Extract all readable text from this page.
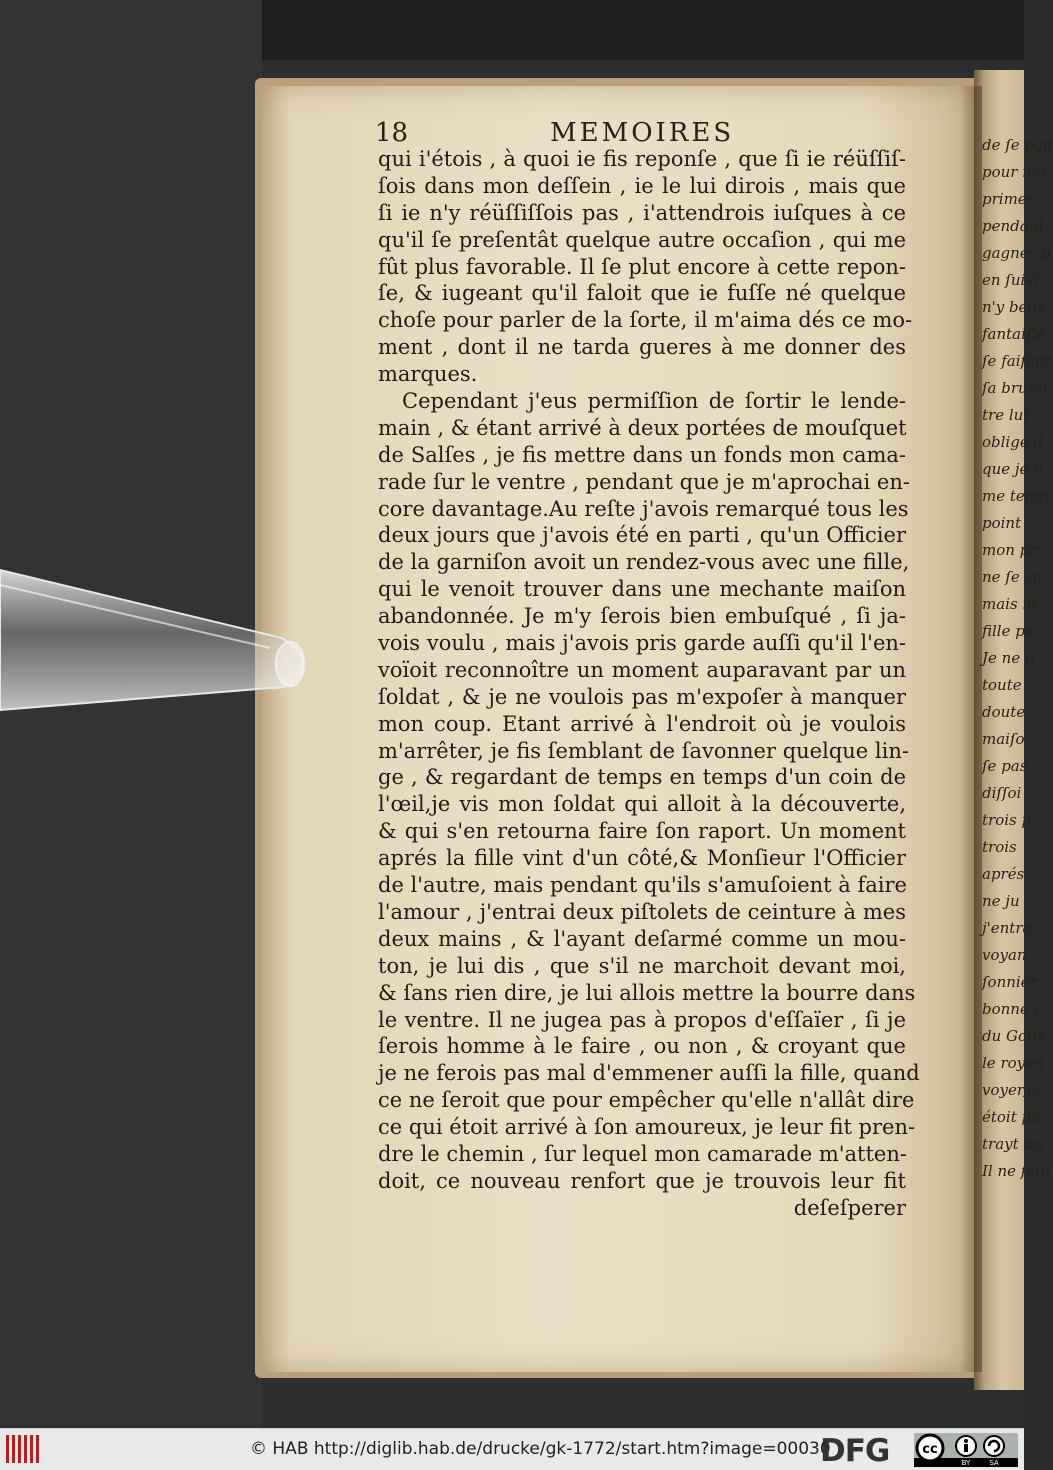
18	MEMOIRES
qui i'étois , à quoi ie fis reponſe , que ſi ie réüſſiſ-
ſois dans mon deſſein , ie le lui dirois , mais que
ſi ie n'y réüſſiſſois pas , i'attendrois iuſques à ce
qu'il ſe preſentât quelque autre occaſion , qui me
fût plus favorable. Il ſe plut encore à cette repon-
ſe, & iugeant qu'il faloit que ie fuſſe né quelque
choſe pour parler de la ſorte, il m'aima dés ce mo-
ment , dont il ne tarda gueres à me donner des
marques.
Cependant j'eus permiſſion de ſortir le lende-
main , & étant arrivé à deux portées de mouſquet
de Salſes , je fis mettre dans un fonds mon cama-
rade ſur le ventre , pendant que je m'aprochai en-
core davantage.Au reſte j'avois remarqué tous les
deux jours que j'avois été en parti , qu'un Officier
de la garniſon avoit un rendez-vous avec une fille,
qui le venoit trouver dans une mechante maiſon
abandonnée. Je m'y ſerois bien embuſqué , ſi ja-
vois voulu , mais j'avois pris garde auſſi qu'il l'en-
voïoit reconnoître un moment auparavant par un
ſoldat , & je ne voulois pas m'expoſer à manquer
mon coup. Etant arrivé à l'endroit où je voulois
m'arrêter, je fis ſemblant de ſavonner quelque lin-
ge , & regardant de temps en temps d'un coin de
l'œil,je vis mon ſoldat qui alloit à la découverte,
& qui s'en retourna faire ſon raport. Un moment
aprés la fille vint d'un côté,& Monſieur l'Officier
de l'autre, mais pendant qu'ils s'amuſoient à faire
l'amour , j'entrai deux piſtolets de ceinture à mes
deux mains , & l'ayant deſarmé comme un mou-
ton, je lui dis , que s'il ne marchoit devant moi,
& ſans rien dire, je lui allois mettre la bourre dans
le ventre. Il ne jugea pas à propos d'eſſaïer , ſi je
ſerois homme à le faire , ou non , & croyant que
je ne ferois pas mal d'emmener auſſi la fille, quand
ce ne ſeroit que pour empêcher qu'elle n'allât dire
ce qui étoit arrivé à ſon amoureux, je leur fit pren-
dre le chemin , ſur lequel mon camarade m'atten-
doit, ce nouveau renfort que je trouvois leur fit
deſeſperer
de ſe pou
pour mo
primer.
pendant
gagner p
en ſuivi
n'y belle
fantaiſie.
ſe faiſant
ſa brutal
tre lui ,
obligé d
que je n
me temp
point ,
mon pr
ne ſe co
mais m'
fille pa
Je ne n
toute
doute
maiſo
ſe pas
diſſoi
trois p
trois
aprés
ne ju
j'entra
voyan
ſonnier
bonne c
du Gouv
le royan
voyer,je
étoit pa
trayt un
Il ne ſeta
© HAB http://diglib.hab.de/drucke/gk-1772/start.htm?image=00030
DFG	cc
BY	SA
